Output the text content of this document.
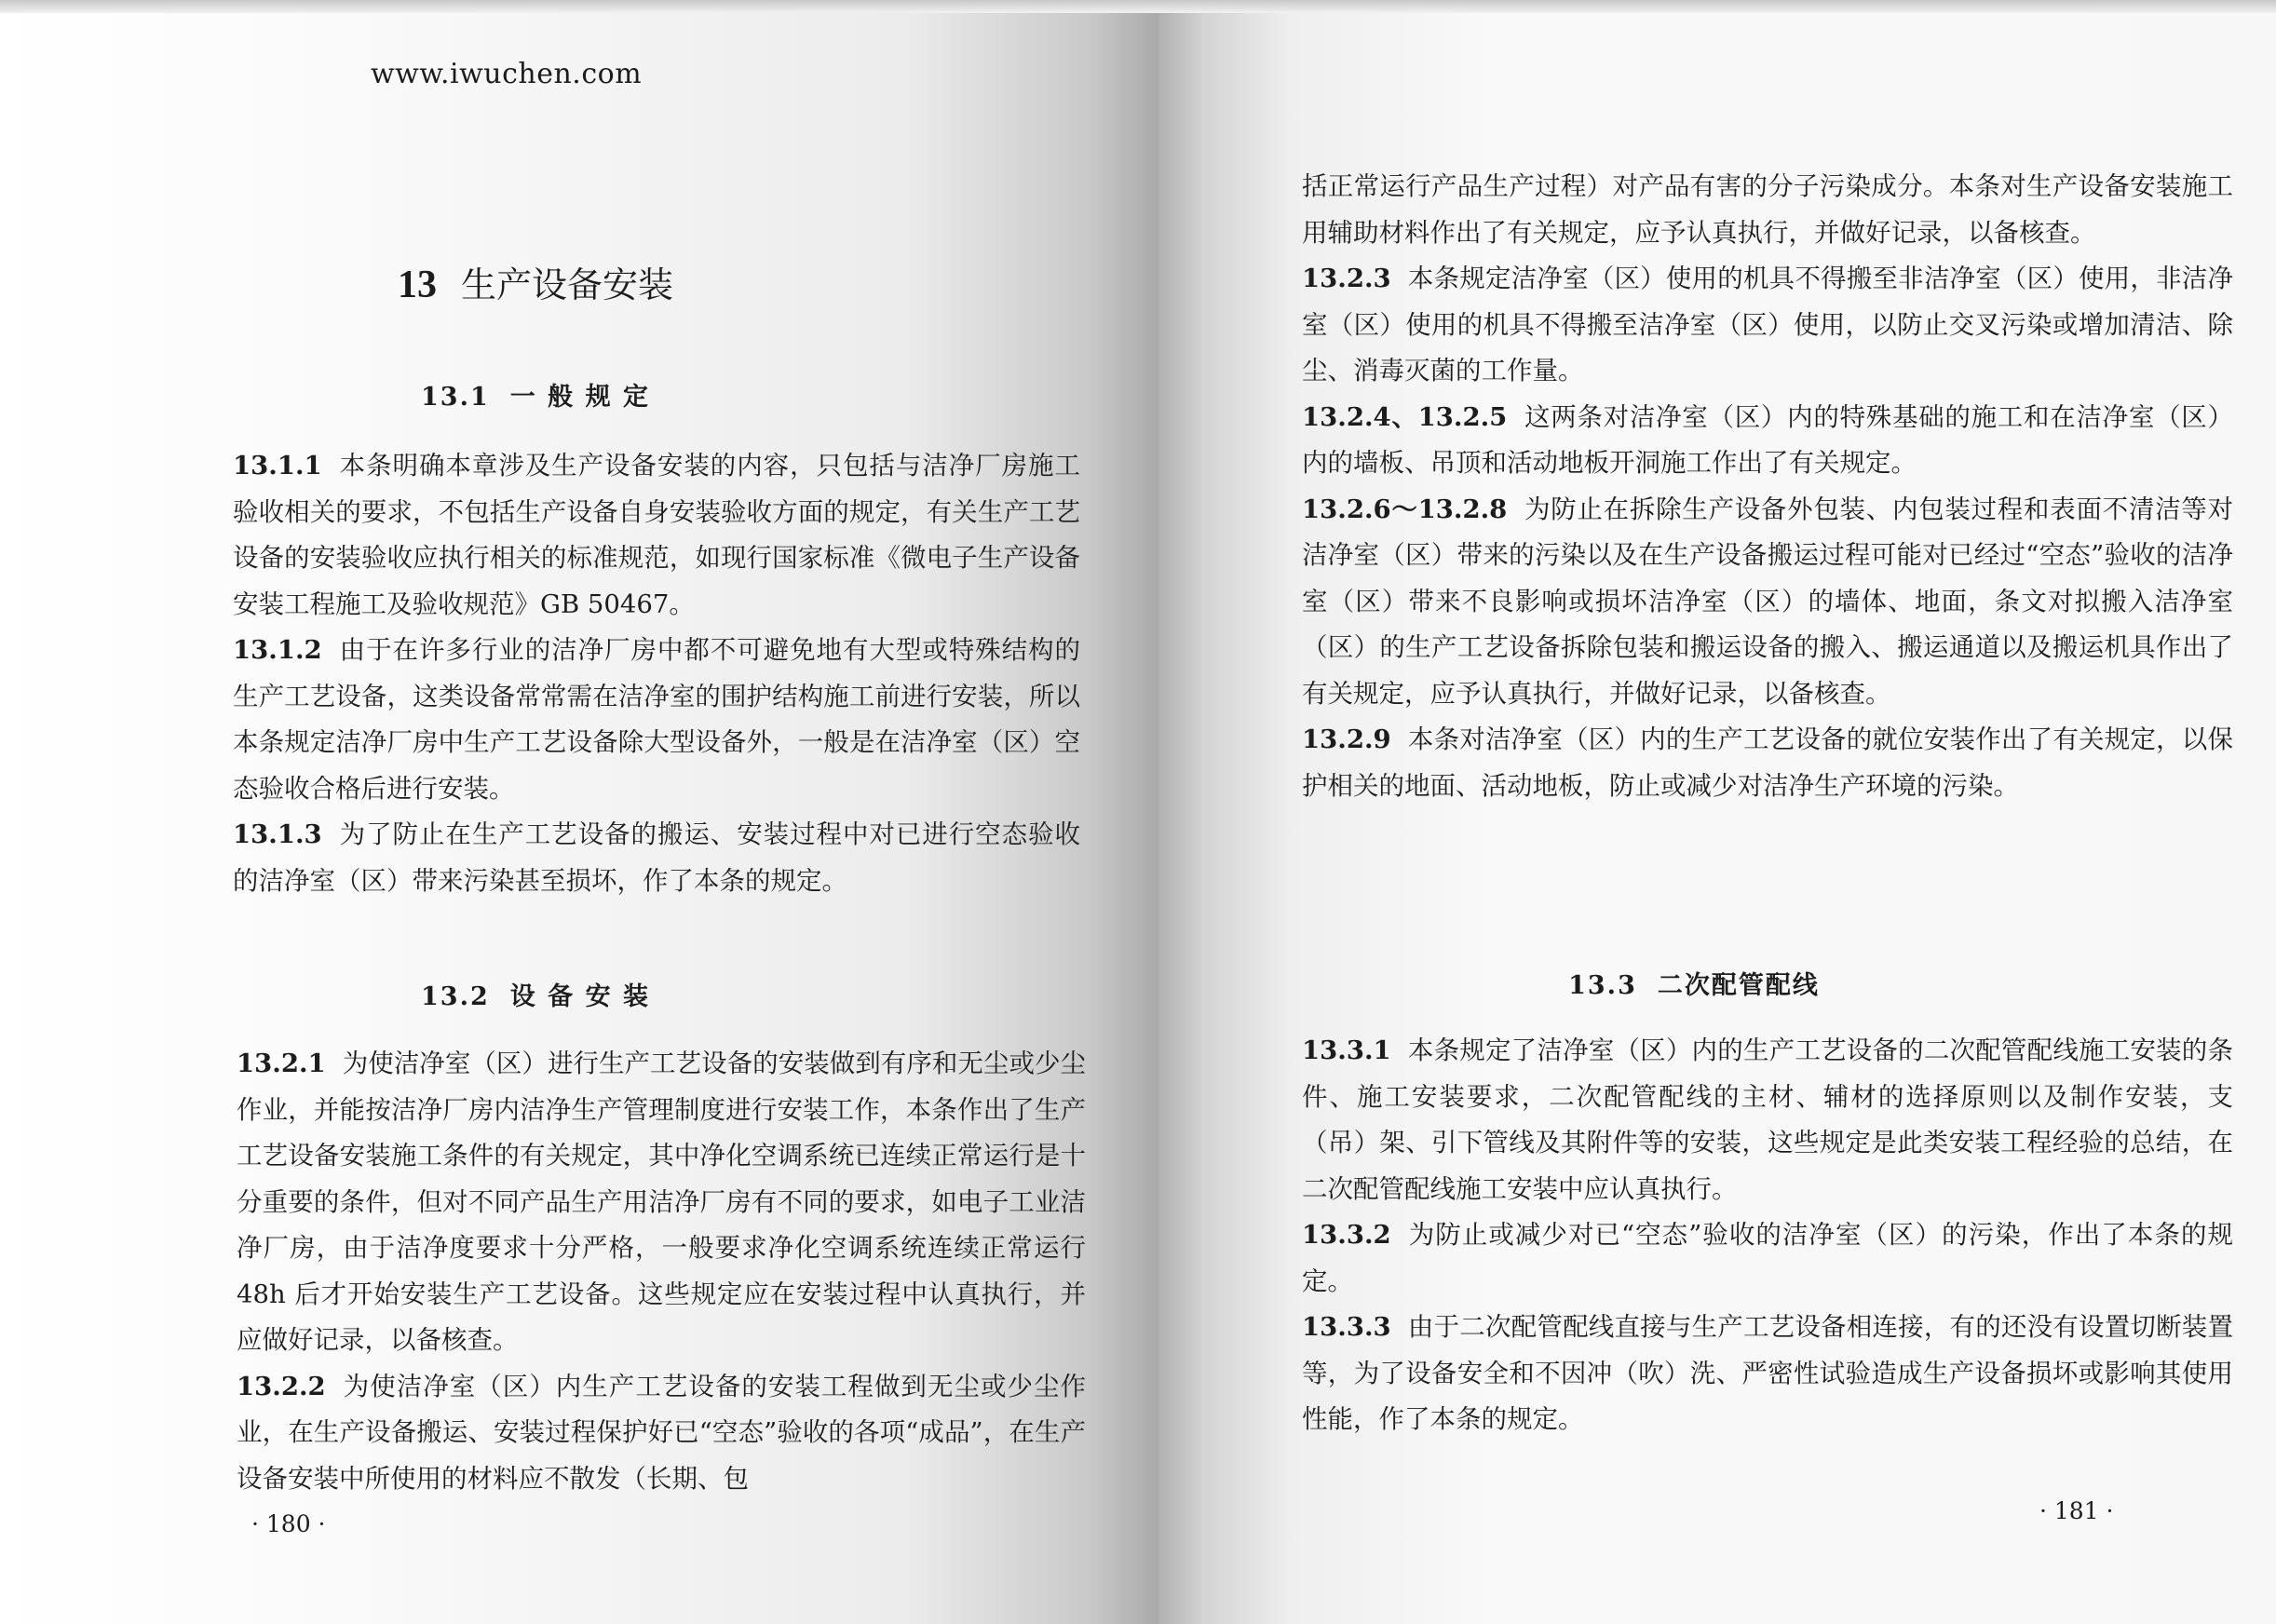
www.iwuchen.com
13 生产设备安装
13.1 一 般 规 定

13.1.1 本条明确本章涉及生产设备安装的内容，只包括与洁净厂房施工验收相关的要求，不包括生产设备自身安装验收方面的规定，有关生产工艺设备的安装验收应执行相关的标准规范，如现行国家标准《微电子生产设备安装工程施工及验收规范》GB 50467。

13.1.2 由于在许多行业的洁净厂房中都不可避免地有大型或特殊结构的生产工艺设备，这类设备常常需在洁净室的围护结构施工前进行安装，所以本条规定洁净厂房中生产工艺设备除大型设备外，一般是在洁净室（区）空态验收合格后进行安装。

13.1.3 为了防止在生产工艺设备的搬运、安装过程中对已进行空态验收的洁净室（区）带来污染甚至损坏，作了本条的规定。

13.2 设 备 安 装

13.2.1 为使洁净室（区）进行生产工艺设备的安装做到有序和无尘或少尘作业，并能按洁净厂房内洁净生产管理制度进行安装工作，本条作出了生产工艺设备安装施工条件的有关规定，其中净化空调系统已连续正常运行是十分重要的条件，但对不同产品生产用洁净厂房有不同的要求，如电子工业洁净厂房，由于洁净度要求十分严格，一般要求净化空调系统连续正常运行 48h 后才开始安装生产工艺设备。这些规定应在安装过程中认真执行，并应做好记录，以备核查。

13.2.2 为使洁净室（区）内生产工艺设备的安装工程做到无尘或少尘作业，在生产设备搬运、安装过程保护好已“空态”验收的各项“成品”，在生产设备安装中所使用的材料应不散发（长期、包

· 180 ·

括正常运行产品生产过程）对产品有害的分子污染成分。本条对生产设备安装施工用辅助材料作出了有关规定，应予认真执行，并做好记录，以备核查。

13.2.3 本条规定洁净室（区）使用的机具不得搬至非洁净室（区）使用，非洁净室（区）使用的机具不得搬至洁净室（区）使用，以防止交叉污染或增加清洁、除尘、消毒灭菌的工作量。

13.2.4、13.2.5 这两条对洁净室（区）内的特殊基础的施工和在洁净室（区）内的墙板、吊顶和活动地板开洞施工作出了有关规定。

13.2.6～13.2.8 为防止在拆除生产设备外包装、内包装过程和表面不清洁等对洁净室（区）带来的污染以及在生产设备搬运过程可能对已经过“空态”验收的洁净室（区）带来不良影响或损坏洁净室（区）的墙体、地面，条文对拟搬入洁净室（区）的生产工艺设备拆除包装和搬运设备的搬入、搬运通道以及搬运机具作出了有关规定，应予认真执行，并做好记录，以备核查。

13.2.9 本条对洁净室（区）内的生产工艺设备的就位安装作出了有关规定，以保护相关的地面、活动地板，防止或减少对洁净生产环境的污染。

13.3 二次配管配线

13.3.1 本条规定了洁净室（区）内的生产工艺设备的二次配管配线施工安装的条件、施工安装要求，二次配管配线的主材、辅材的选择原则以及制作安装，支（吊）架、引下管线及其附件等的安装，这些规定是此类安装工程经验的总结，在二次配管配线施工安装中应认真执行。

13.3.2 为防止或减少对已“空态”验收的洁净室（区）的污染，作出了本条的规定。

13.3.3 由于二次配管配线直接与生产工艺设备相连接，有的还没有设置切断装置等，为了设备安全和不因冲（吹）洗、严密性试验造成生产设备损坏或影响其使用性能，作了本条的规定。

· 181 ·
